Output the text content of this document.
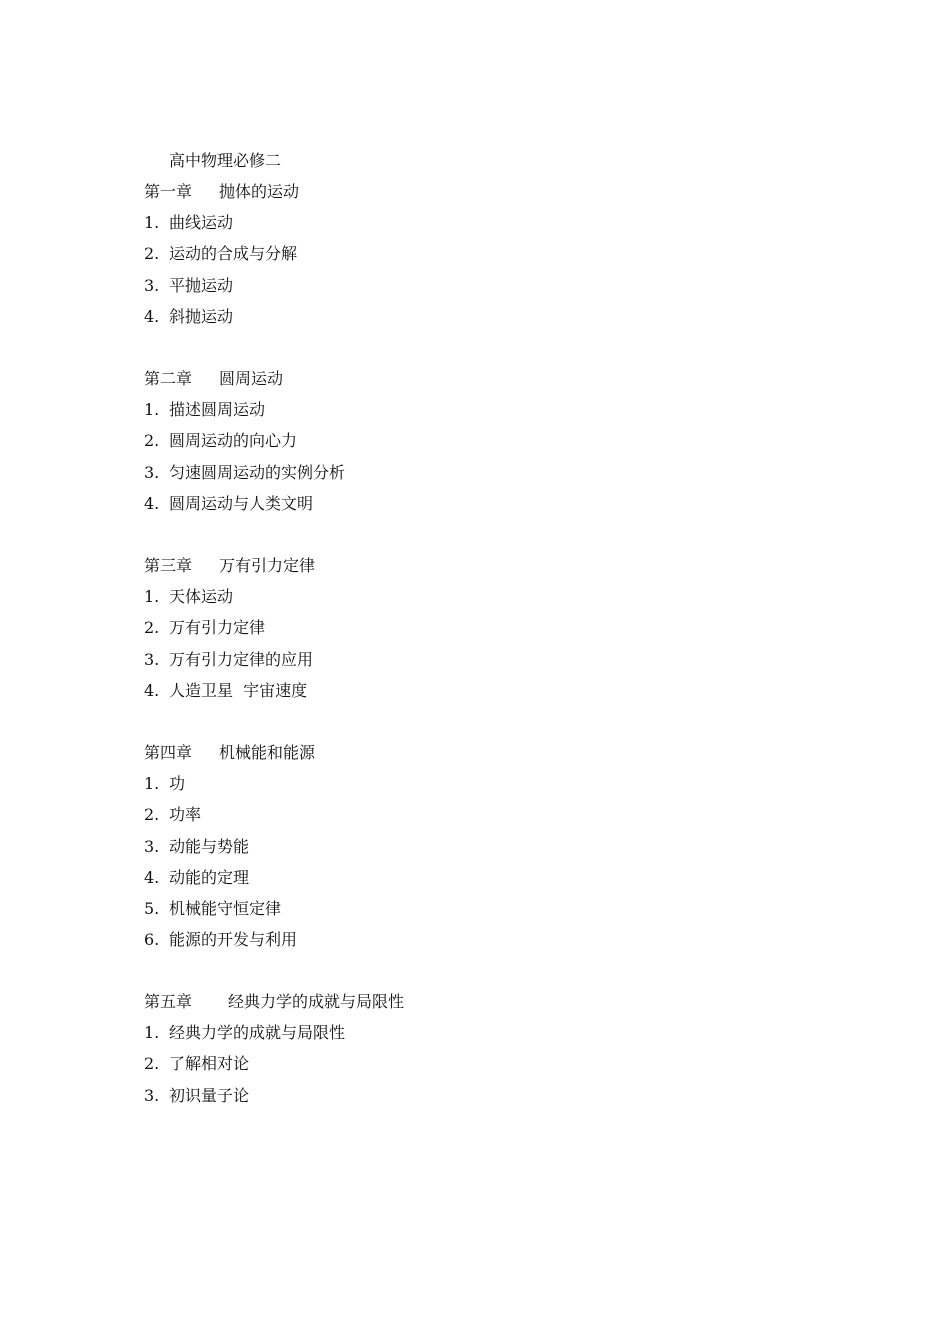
高中物理必修二
第一章 抛体的运动
1. 曲线运动
2. 运动的合成与分解
3. 平抛运动
4. 斜抛运动
第二章 圆周运动
1. 描述圆周运动
2. 圆周运动的向心力
3. 匀速圆周运动的实例分析
4. 圆周运动与人类文明
第三章 万有引力定律
1. 天体运动
2. 万有引力定律
3. 万有引力定律的应用
4. 人造卫星  宇宙速度
第四章 机械能和能源
1. 功
2. 功率
3. 动能与势能
4. 动能的定理
5. 机械能守恒定律
6. 能源的开发与利用
第五章 经典力学的成就与局限性
1. 经典力学的成就与局限性
2. 了解相对论
3. 初识量子论
